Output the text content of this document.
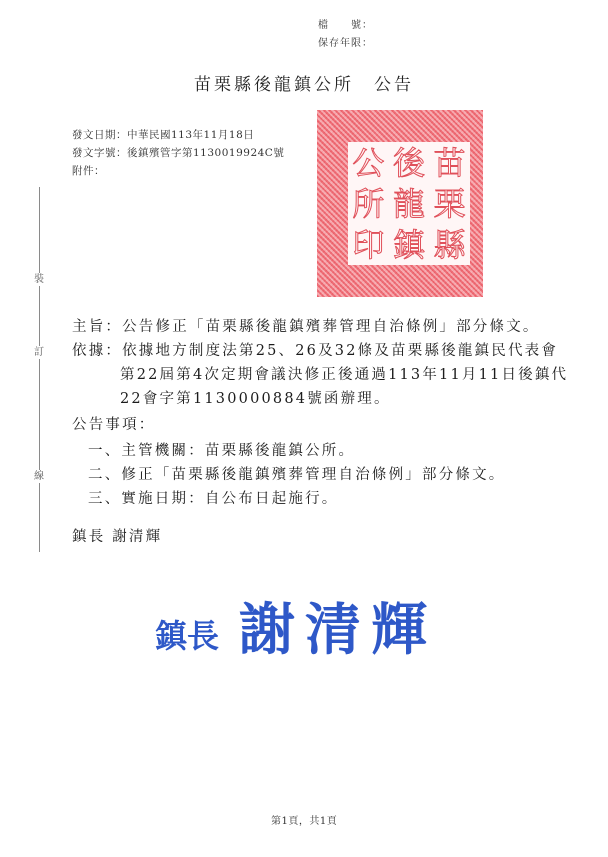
檔　　號：
保存年限：
苗栗縣後龍鎮公所　公告
發文日期：中華民國113年11月18日
發文字號：後鎮殯管字第1130019924C號
附件：	苗
栗
縣
後
龍
鎮
公
所
印
裝
訂
線
主旨：公告修正「苗栗縣後龍鎮殯葬管理自治條例」部分條文。
依據：依據地方制度法第25、26及32條及苗栗縣後龍鎮民代表會
第22屆第4次定期會議決修正後通過113年11月11日後鎮代
22會字第1130000884號函辦理。
公告事項：
一、主管機關：苗栗縣後龍鎮公所。
二、修正「苗栗縣後龍鎮殯葬管理自治條例」部分條文。
三、實施日期：自公布日起施行。
鎮長 謝清輝
鎮長 謝清輝
第1頁，共1頁
